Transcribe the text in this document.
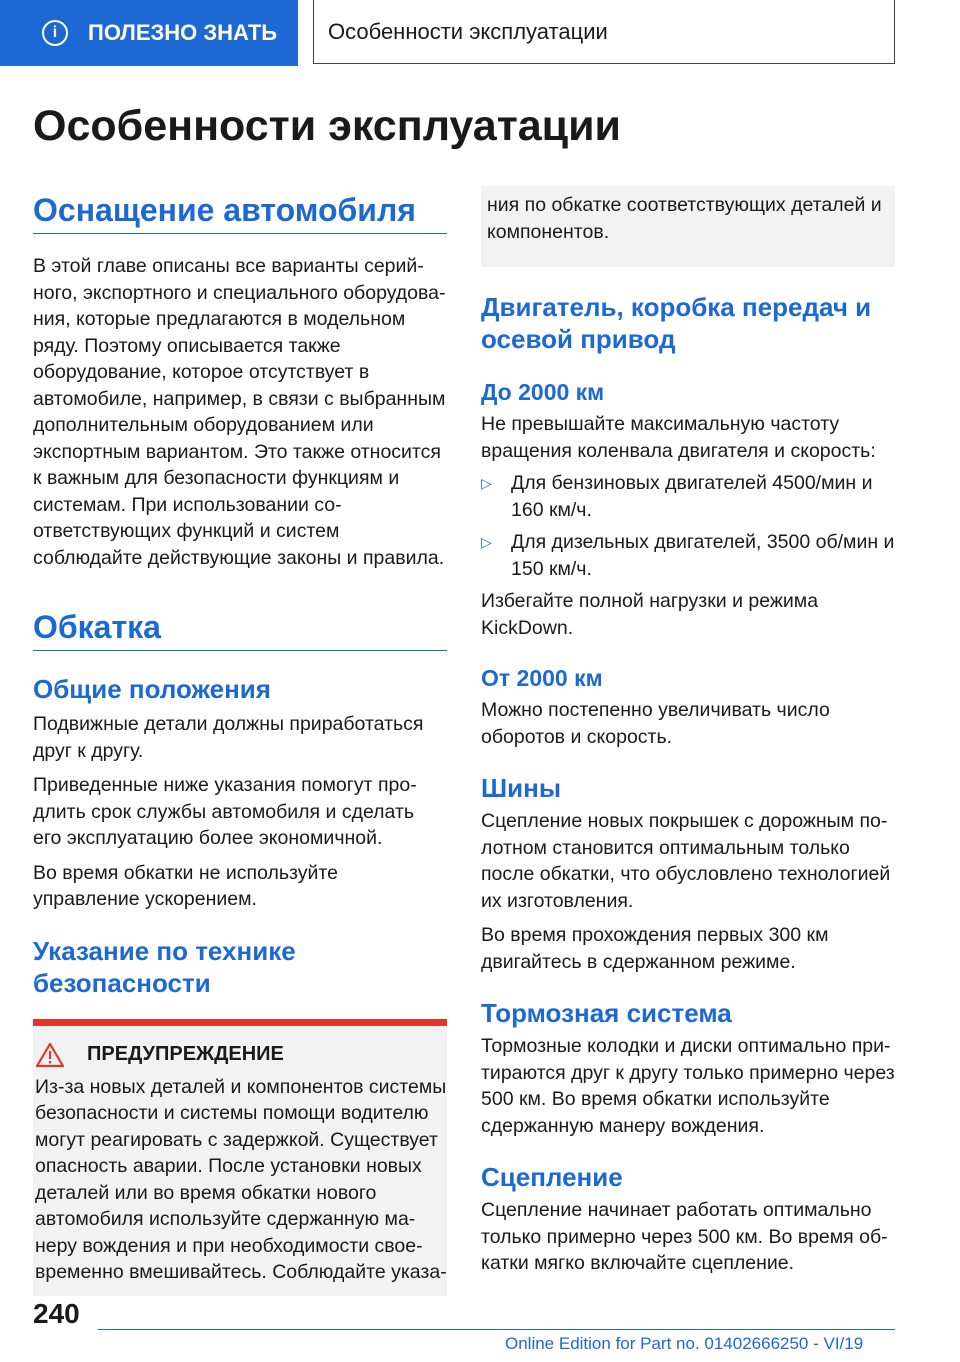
i	ПОЛЕЗНО ЗНАТЬ Особенности эксплуатации
Особенности эксплуатации
Оснащение автомобиля

В этой главе описаны все варианты серийного, экспортного и специального оборудования, которые предлагаются в модельном ряду. Поэтому описывается также оборудование, которое отсутствует в автомобиле, например, в связи с выбранным дополнительным оборудованием или экспортным вариантом. Это также относится к важным для безопасности функциям и системам. При использовании соответствующих функций и систем соблюдайте действующие законы и правила.

Обкатка
Общие положения

Подвижные детали должны приработаться друг к другу.

Приведенные ниже указания помогут продлить срок службы автомобиля и сделать его эксплуатацию более экономичной.

Во время обкатки не используйте управление ускорением.

Указание по технике безопасности
ПРЕДУПРЕЖДЕНИЕ

Из-за новых деталей и компонентов системы безопасности и системы помощи водителю могут реагировать с задержкой. Существует опасность аварии. После установки новых деталей или во время обкатки нового автомобиля используйте сдержанную манеру вождения и при необходимости своевременно вмешивайтесь. Соблюдайте указа-

ния по обкатке соответствующих деталей и компонентов.

Двигатель, коробка передач и осевой привод
До 2000 км

Не превышайте максимальную частоту вращения коленвала двигателя и скорость:

▷ Для бензиновых двигателей 4500/мин и 160 км/ч.
▷ Для дизельных двигателей, 3500 об/мин и 150 км/ч.

Избегайте полной нагрузки и режима KickDown.

От 2000 км

Можно постепенно увеличивать число оборотов и скорость.

Шины

Сцепление новых покрышек с дорожным полотном становится оптимальным только после обкатки, что обусловлено технологией их изготовления.

Во время прохождения первых 300 км двигайтесь в сдержанном режиме.

Тормозная система

Тормозные колодки и диски оптимально притираются друг к другу только примерно через 500 км. Во время обкатки используйте сдержанную манеру вождения.

Сцепление

Сцепление начинает работать оптимально только примерно через 500 км. Во время обкатки мягко включайте сцепление.

240
Online Edition for Part no. 01402666250 - VI/19
